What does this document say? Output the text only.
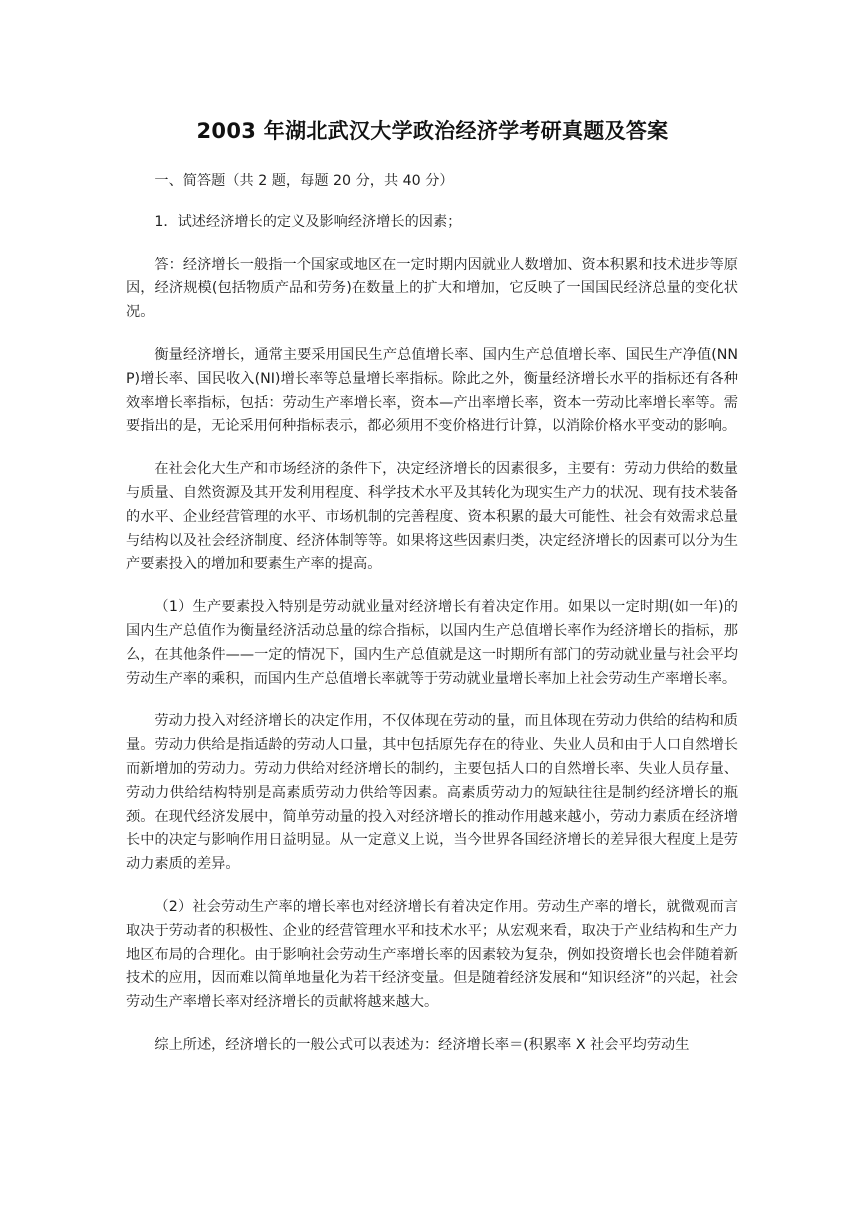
2003 年湖北武汉大学政治经济学考研真题及答案

一、简答题（共 2 题，每题 20 分，共 40 分）

1．试述经济增长的定义及影响经济增长的因素；

答：经济增长一般指一个国家或地区在一定时期内因就业人数增加、资本积累和技术进步等原因，经济规模(包括物质产品和劳务)在数量上的扩大和增加，它反映了一国国民经济总量的变化状况。

衡量经济增长，通常主要采用国民生产总值增长率、国内生产总值增长率、国民生产净值(NNP)增长率、国民收入(NI)增长率等总量增长率指标。除此之外，衡量经济增长水平的指标还有各种效率增长率指标，包括：劳动生产率增长率，资本—产出率增长率，资本一劳动比率增长率等。需要指出的是，无论采用何种指标表示，都必须用不变价格进行计算，以消除价格水平变动的影响。

在社会化大生产和市场经济的条件下，决定经济增长的因素很多，主要有：劳动力供给的数量与质量、自然资源及其开发利用程度、科学技术水平及其转化为现实生产力的状况、现有技术装备的水平、企业经营管理的水平、市场机制的完善程度、资本积累的最大可能性、社会有效需求总量与结构以及社会经济制度、经济体制等等。如果将这些因素归类，决定经济增长的因素可以分为生产要素投入的增加和要素生产率的提高。

（1）生产要素投入特别是劳动就业量对经济增长有着决定作用。如果以一定时期(如一年)的国内生产总值作为衡量经济活动总量的综合指标，以国内生产总值增长率作为经济增长的指标，那么，在其他条件——一定的情况下，国内生产总值就是这一时期所有部门的劳动就业量与社会平均劳动生产率的乘积，而国内生产总值增长率就等于劳动就业量增长率加上社会劳动生产率增长率。

劳动力投入对经济增长的决定作用，不仅体现在劳动的量，而且体现在劳动力供给的结构和质量。劳动力供给是指适龄的劳动人口量，其中包括原先存在的待业、失业人员和由于人口自然增长而新增加的劳动力。劳动力供给对经济增长的制约，主要包括人口的自然增长率、失业人员存量、劳动力供给结构特别是高素质劳动力供给等因素。高素质劳动力的短缺往往是制约经济增长的瓶颈。在现代经济发展中，简单劳动量的投入对经济增长的推动作用越来越小，劳动力素质在经济增长中的决定与影响作用日益明显。从一定意义上说，当今世界各国经济增长的差异很大程度上是劳动力素质的差异。

（2）社会劳动生产率的增长率也对经济增长有着决定作用。劳动生产率的增长，就微观而言取决于劳动者的积极性、企业的经营管理水平和技术水平；从宏观来看，取决于产业结构和生产力地区布局的合理化。由于影响社会劳动生产率增长率的因素较为复杂，例如投资增长也会伴随着新技术的应用，因而难以简单地量化为若干经济变量。但是随着经济发展和“知识经济”的兴起，社会劳动生产率增长率对经济增长的贡献将越来越大。

综上所述，经济增长的一般公式可以表述为：经济增长率＝(积累率 X 社会平均劳动生
